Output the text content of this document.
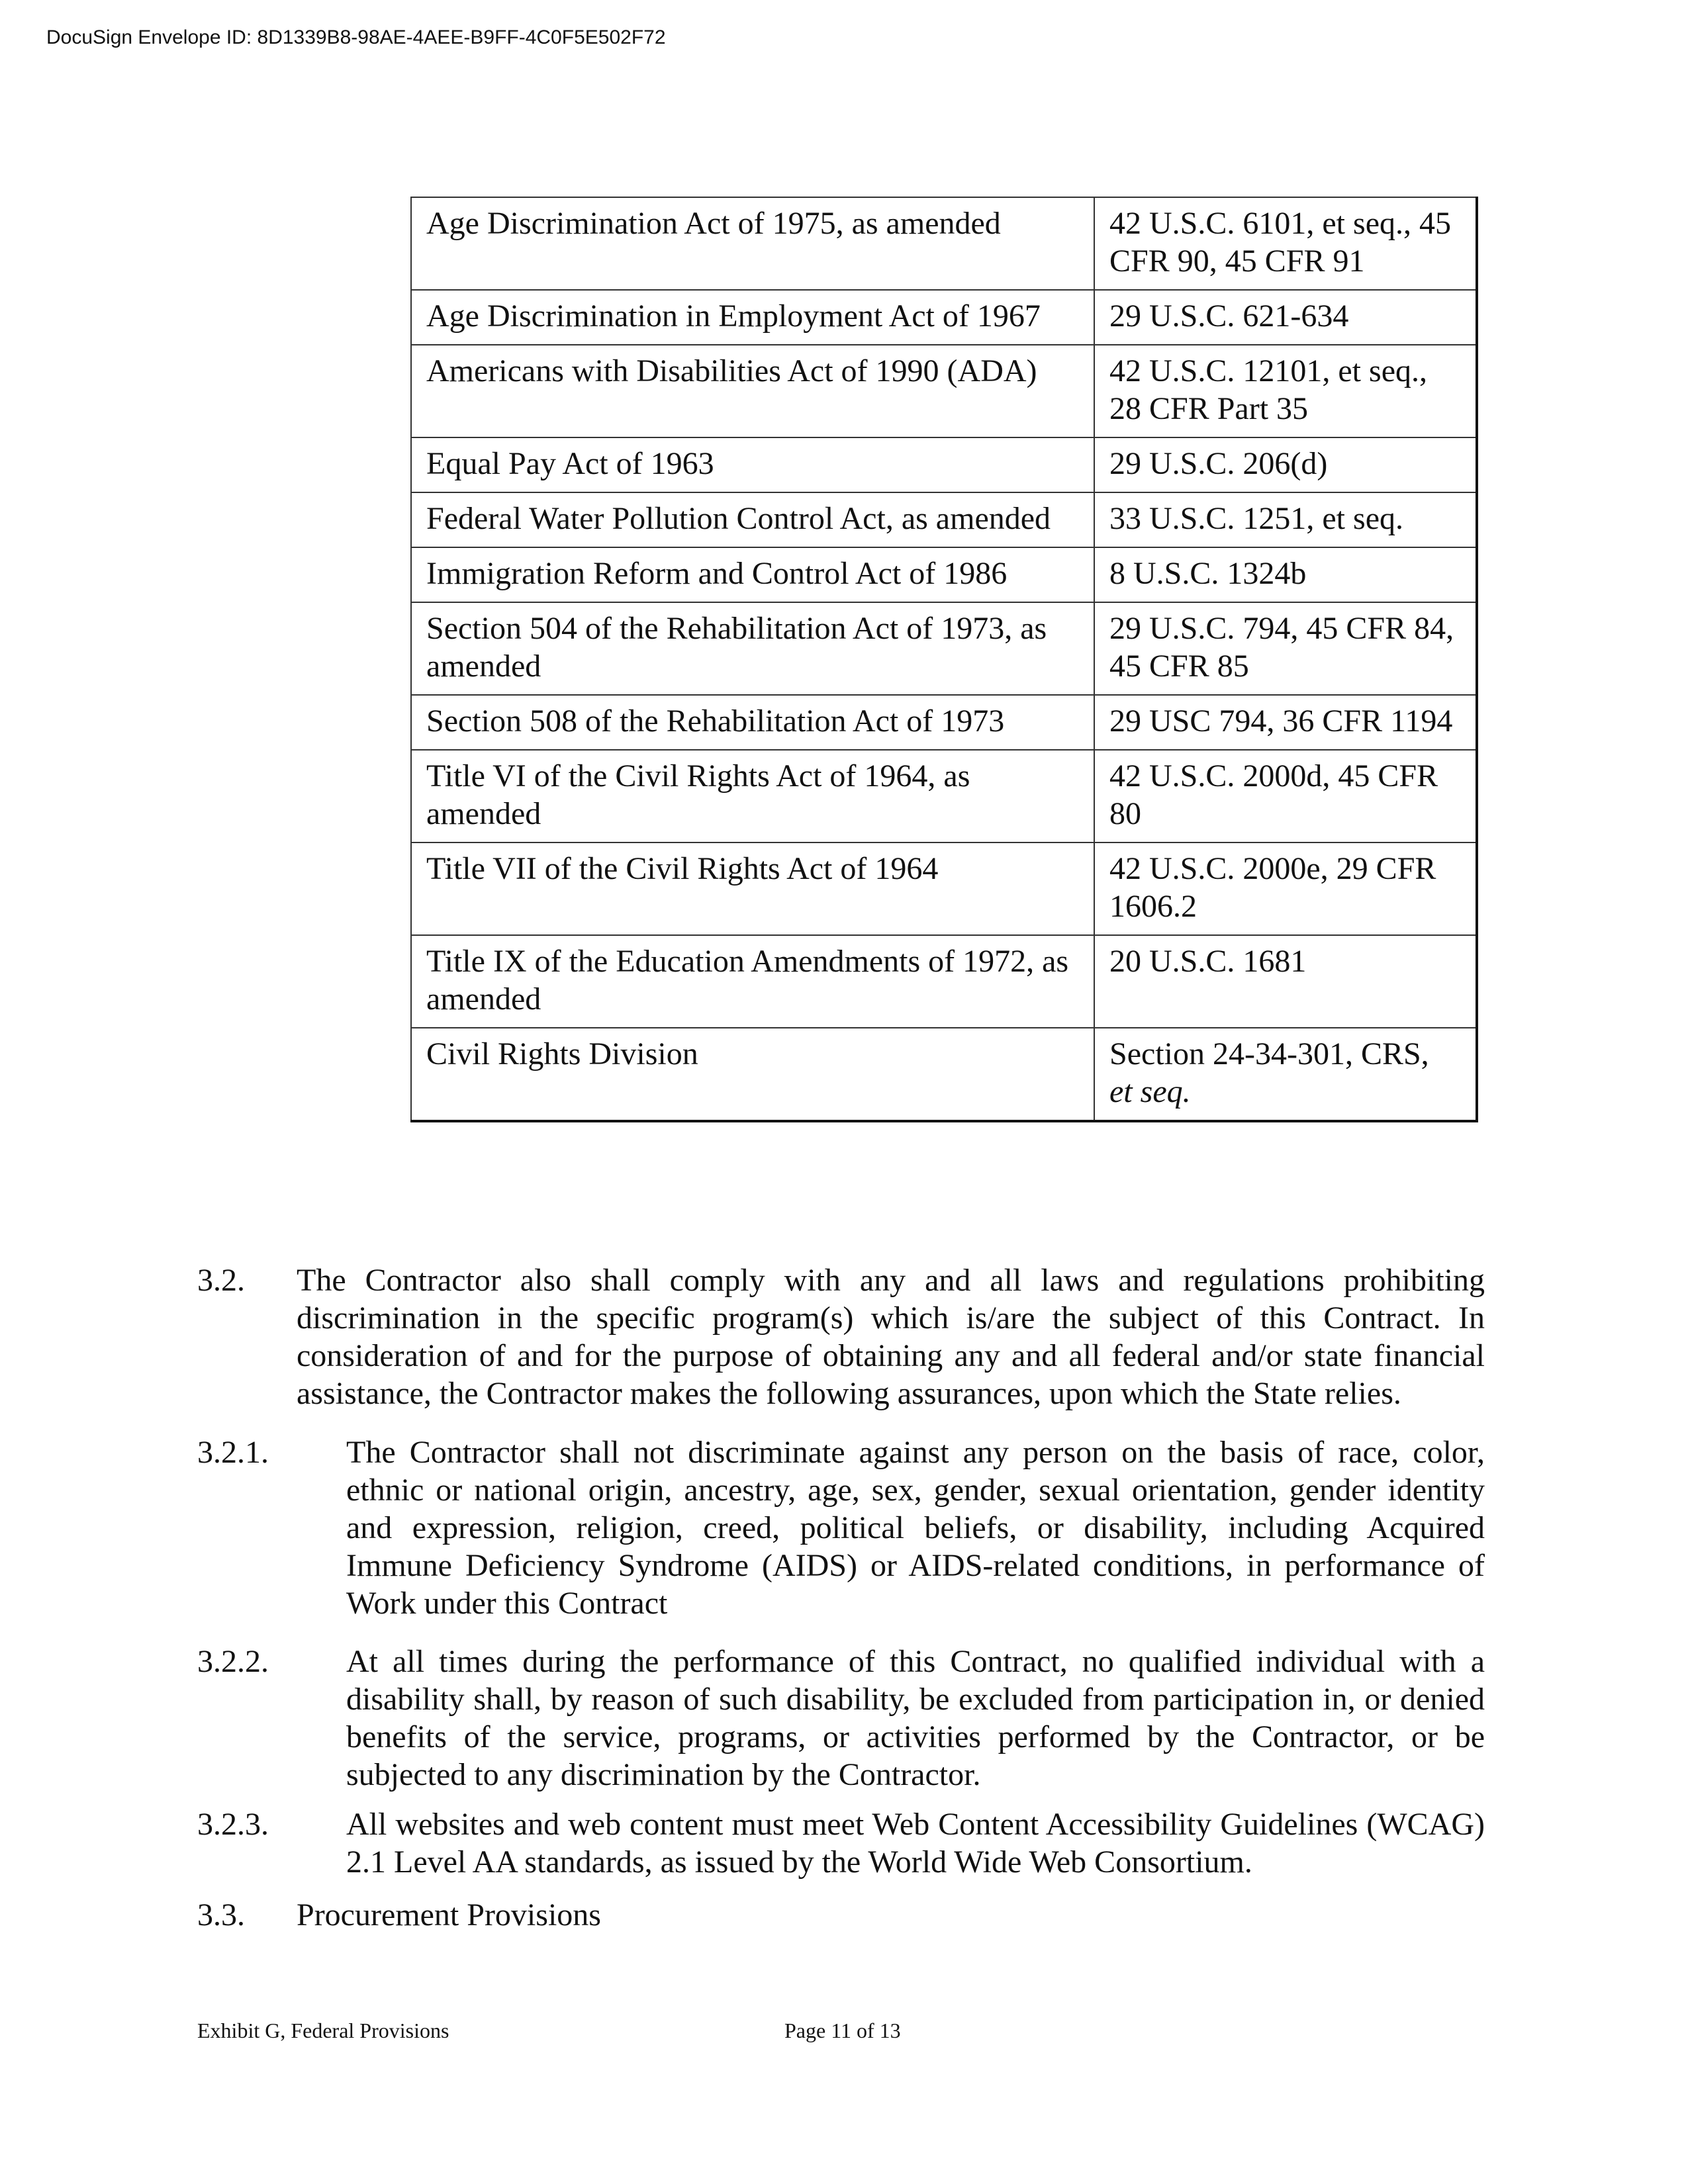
DocuSign Envelope ID: 8D1339B8-98AE-4AEE-B9FF-4C0F5E502F72
Age Discrimination Act of 1975, as amended	42 U.S.C. 6101, et seq., 45 CFR 90, 45 CFR 91
Age Discrimination in Employment Act of 1967	29 U.S.C. 621-634
Americans with Disabilities Act of 1990 (ADA)	42 U.S.C. 12101, et seq., 28 CFR Part 35
Equal Pay Act of 1963	29 U.S.C. 206(d)
Federal Water Pollution Control Act, as amended	33 U.S.C. 1251, et seq.
Immigration Reform and Control Act of 1986	8 U.S.C. 1324b
Section 504 of the Rehabilitation Act of 1973, as amended	29 U.S.C. 794, 45 CFR 84, 45 CFR 85
Section 508 of the Rehabilitation Act of 1973	29 USC 794, 36 CFR 1194
Title VI of the Civil Rights Act of 1964, as amended	42 U.S.C. 2000d, 45 CFR 80
Title VII of the Civil Rights Act of 1964	42 U.S.C. 2000e, 29 CFR 1606.2
Title IX of the Education Amendments of 1972, as amended	20 U.S.C. 1681
Civil Rights Division	Section 24-34-301, CRS,
et seq.
3.2. The Contractor also shall comply with any and all laws and regulations prohibiting discrimination in the specific program(s) which is/are the subject of this Contract. In consideration of and for the purpose of obtaining any and all federal and/or state financial assistance, the Contractor makes the following assurances, upon which the State relies.
3.2.1. The Contractor shall not discriminate against any person on the basis of race, color, ethnic or national origin, ancestry, age, sex, gender, sexual orientation, gender identity and expression, religion, creed, political beliefs, or disability, including Acquired Immune Deficiency Syndrome (AIDS) or AIDS-related conditions, in performance of Work under this Contract
3.2.2. At all times during the performance of this Contract, no qualified individual with a disability shall, by reason of such disability, be excluded from participation in, or denied benefits of the service, programs, or activities performed by the Contractor, or be subjected to any discrimination by the Contractor.
3.2.3. All websites and web content must meet Web Content Accessibility Guidelines (WCAG) 2.1 Level AA standards, as issued by the World Wide Web Consortium.
3.3. Procurement Provisions
Exhibit G, Federal Provisions	Page 11 of 13
